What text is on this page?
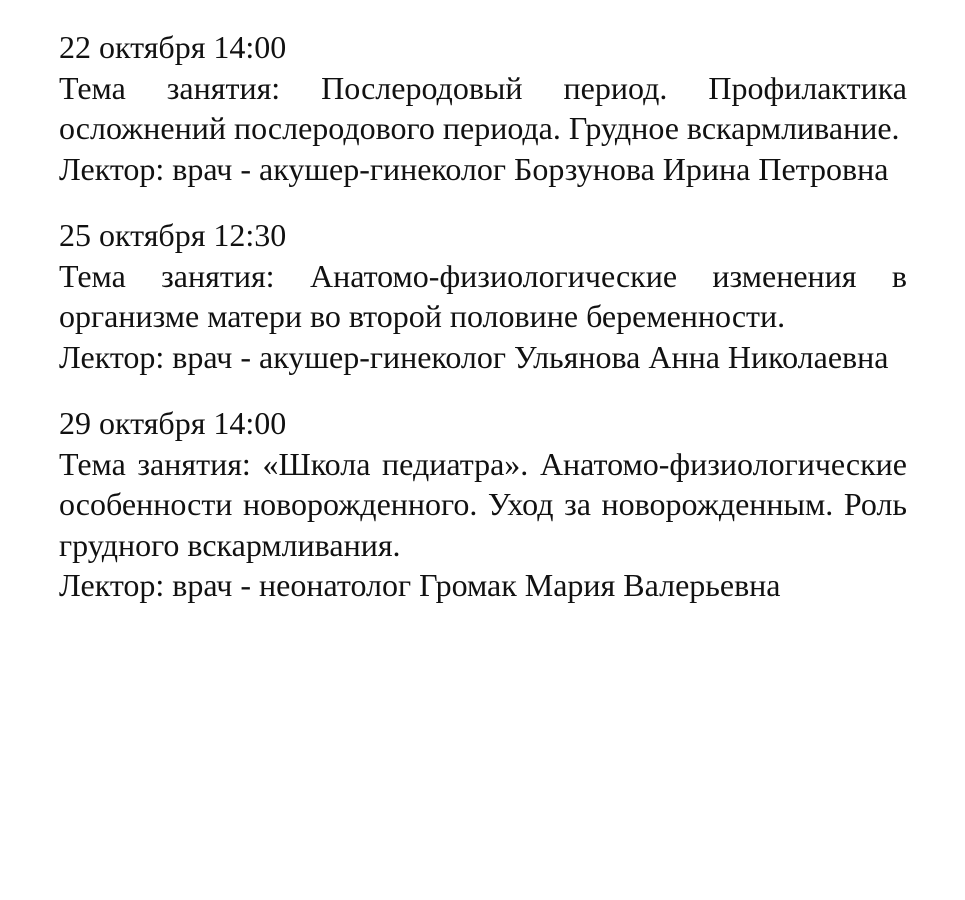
22 октября 14:00

Тема занятия: Послеродовый период. Профилактика осложнений послеродового периода. Грудное вскармливание.

Лектор: врач - акушер-гинеколог Борзунова Ирина Петровна

25 октября 12:30

Тема занятия: Анатомо-физиологические изменения в организме матери во второй половине беременности.

Лектор: врач - акушер-гинеколог Ульянова Анна Николаевна

29 октября 14:00

Тема занятия: «Школа педиатра». Анатомо-физиологические особенности новорожденного. Уход за новорожденным. Роль грудного вскармливания.

Лектор: врач - неонатолог Громак Мария Валерьевна
